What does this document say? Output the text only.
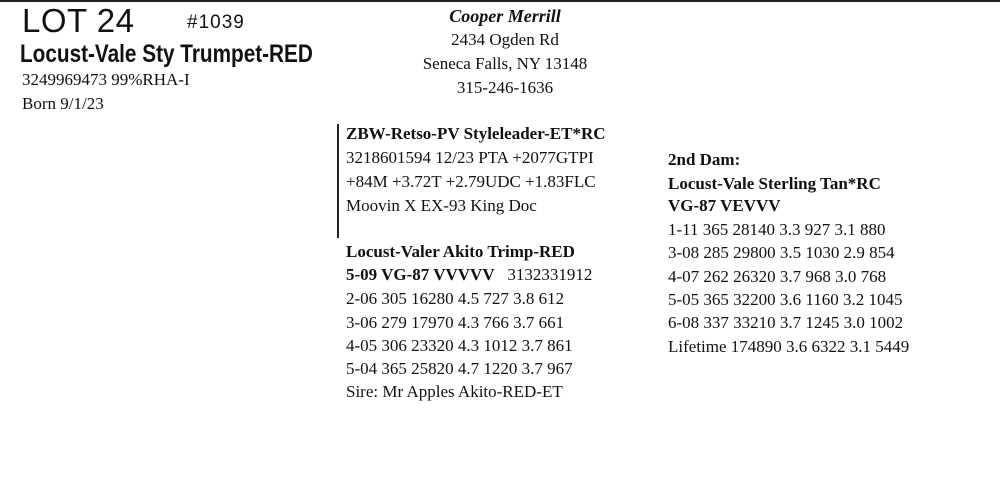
LOT 24	#1039
Locust-Vale Sty Trumpet-RED
3249969473 99%RHA-I
Born 9/1/23
Cooper Merrill
2434 Ogden Rd
Seneca Falls, NY 13148
315-246-1636
ZBW-Retso-PV Styleleader-ET*RC
3218601594 12/23 PTA +2077GTPI
+84M +3.72T +2.79UDC +1.83FLC
Moovin X EX-93 King Doc
Locust-Valer Akito Trimp-RED
5-09 VG-87 VVVVV 3132331912
2-06 305 16280 4.5 727 3.8 612
3-06 279 17970 4.3 766 3.7 661
4-05 306 23320 4.3 1012 3.7 861
5-04 365 25820 4.7 1220 3.7 967
Sire: Mr Apples Akito-RED-ET
2nd Dam:
Locust-Vale Sterling Tan*RC
VG-87 VEVVV
1-11 365 28140 3.3 927 3.1 880
3-08 285 29800 3.5 1030 2.9 854
4-07 262 26320 3.7 968 3.0 768
5-05 365 32200 3.6 1160 3.2 1045
6-08 337 33210 3.7 1245 3.0 1002
Lifetime 174890 3.6 6322 3.1 5449
